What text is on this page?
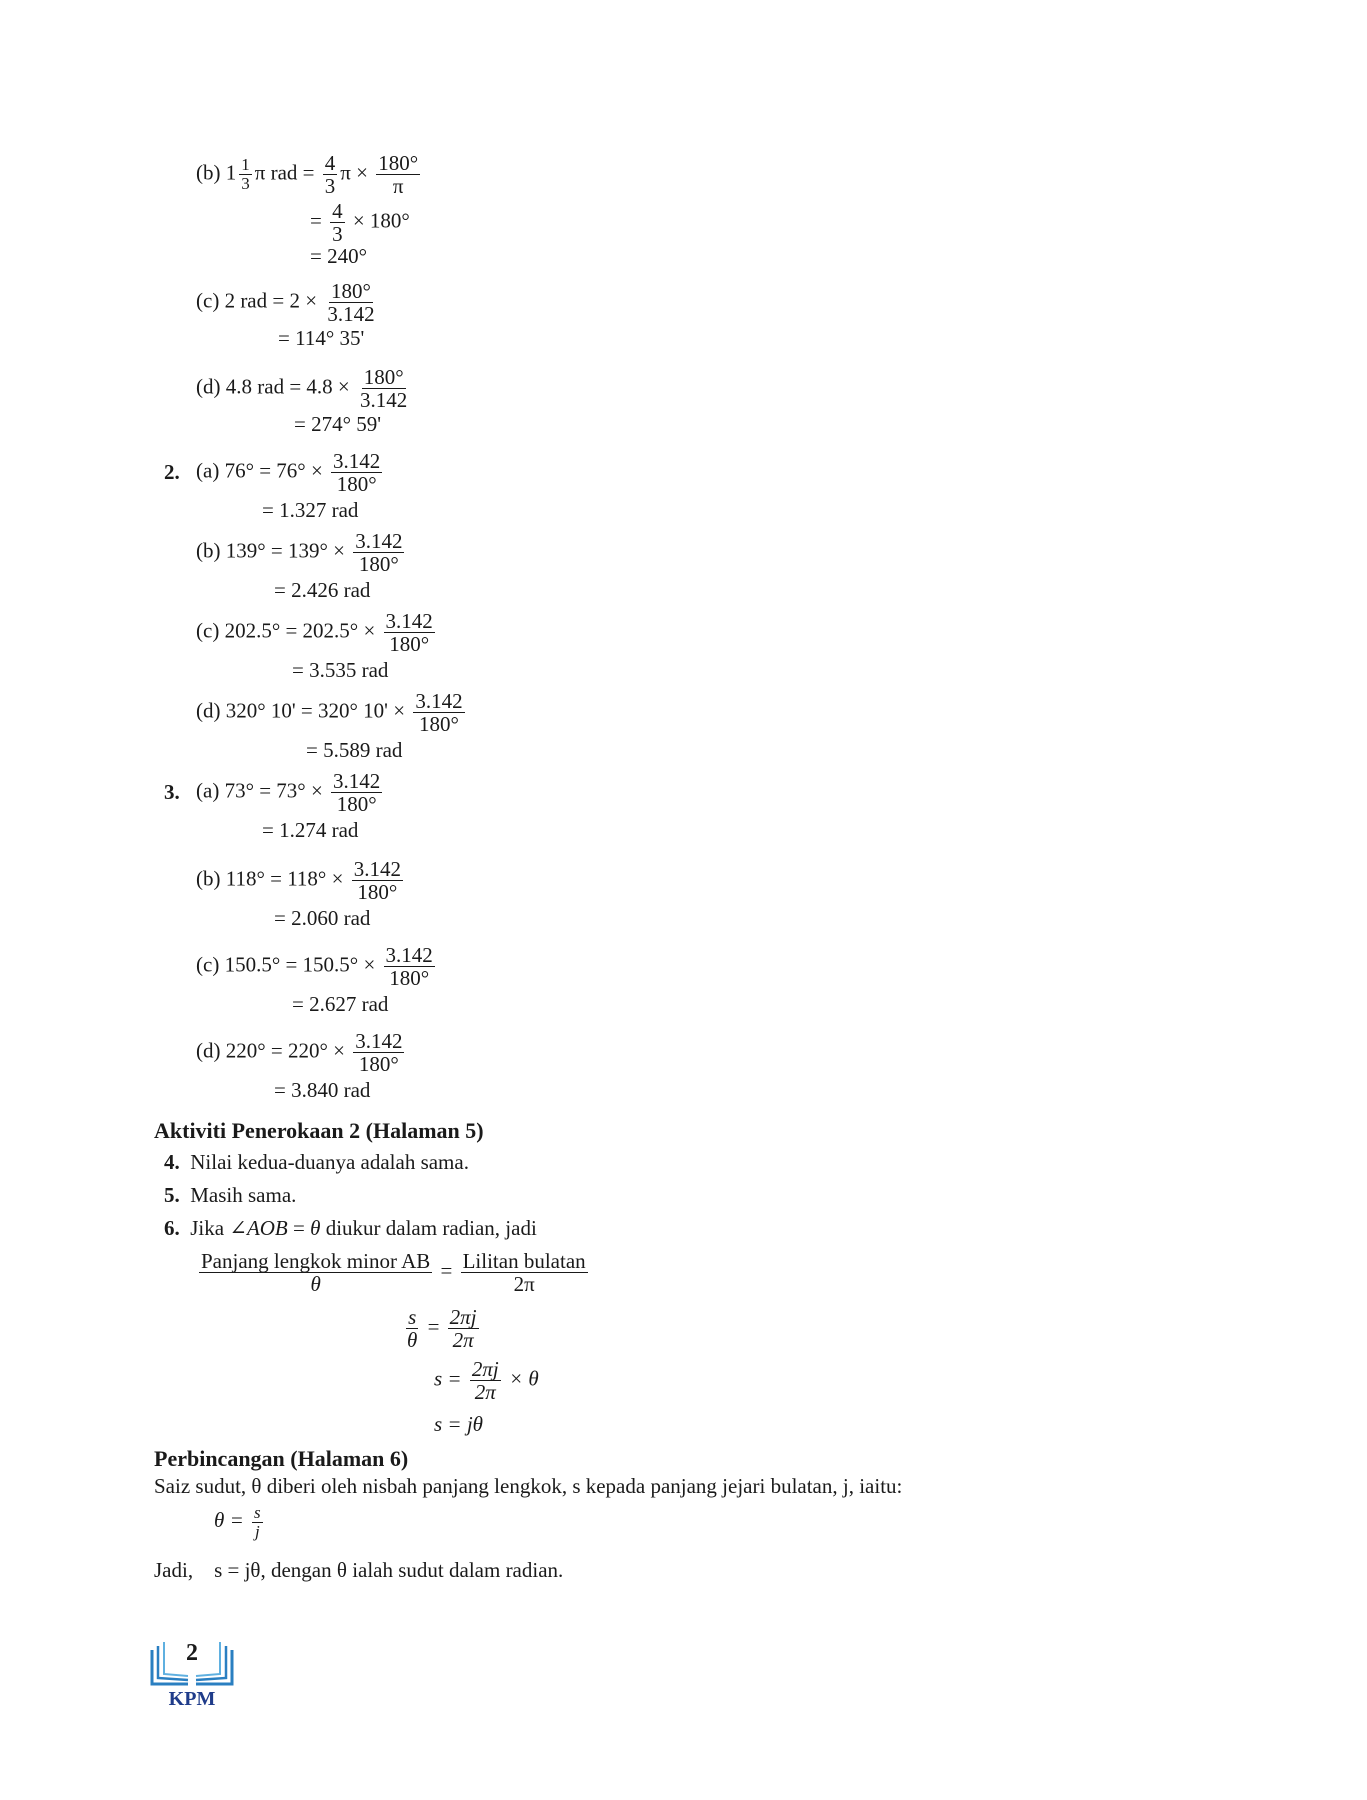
(b) $1 \frac{1}{3}$ π rad = $\frac{4}{3}$ $\pi \times \frac{180^\circ}{\pi}$
= $\frac{4}{3} \times 180^\circ$
= 240°
(c) 2 rad = $2 \times \frac{180^\circ}{3.142}$
= 114° 35'
(d) 4.8 rad = $4.8 \times \frac{180^\circ}{3.142}$
= 274° 59'
2. (a) $76^\circ = 76^\circ \times \frac{3.142}{180^\circ}$
= 1.327 rad
(b) $139^\circ = 139^\circ \times \frac{3.142}{180^\circ}$
= 2.426 rad
(c) $202.5^\circ = 202.5^\circ \times \frac{3.142}{180^\circ}$
= 3.535 rad
(d) 320° 10' = 320° $10' \times \frac{3.142}{180^\circ}$
= 5.589 rad
3. (a) $73^\circ = 73^\circ \times \frac{3.142}{180^\circ}$
= 1.274 rad
(b) $118^\circ = 118^\circ \times \frac{3.142}{180^\circ}$
= 2.060 rad
(c) $150.5^\circ = 150.5^\circ \times \frac{3.142}{180^\circ}$
= 2.627 rad
(d) $220^\circ = 220^\circ \times \frac{3.142}{180^\circ}$
= 3.840 rad
Aktiviti Penerokaan 2 (Halaman 5)
4. Nilai kedua-duanya adalah sama.
5. Masih sama.
6. Jika ∠AOB = θ diukur dalam radian, jadi
$\frac{\text{Panjang lengkok minor AB}}{\theta} = \frac{\text{Lilitan bulatan}}{2\pi}$
$\frac{s}{\theta} = \frac{2\pi j}{2\pi}$
$s = \frac{2\pi j}{2\pi} \times \theta$
s = jθ
Perbincangan (Halaman 6)
Saiz sudut, θ diberi oleh nisbah panjang lengkok, s kepada panjang jejari bulatan, j, iaitu:
$\theta = \frac{s}{j}$
Jadi,    s = jθ, dengan θ ialah sudut dalam radian.
2
KPM
